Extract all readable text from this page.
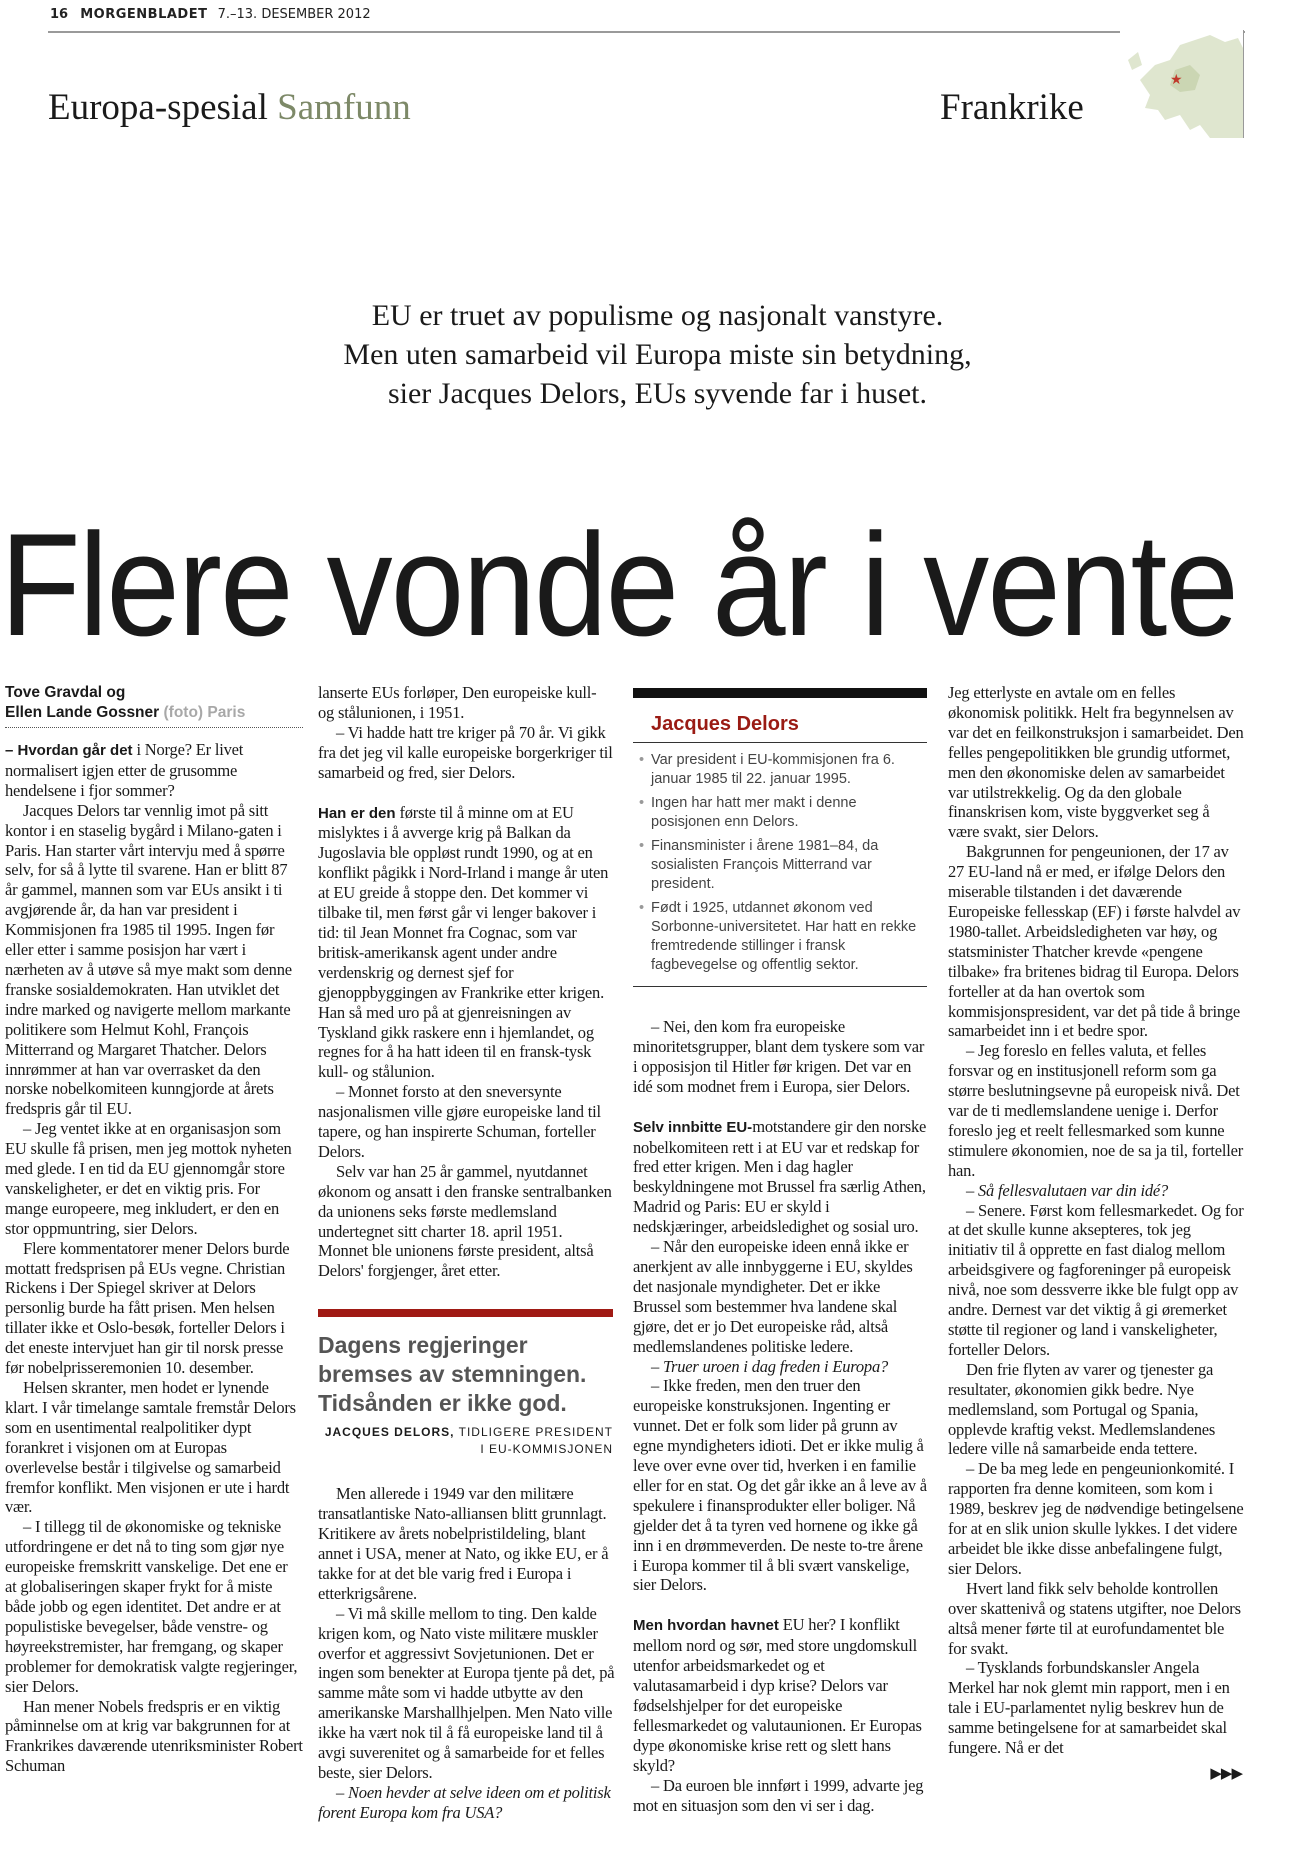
16 MORGENBLADET 7.–13. DESEMBER 2012
Europa-spesial Samfunn	Frankrike
★
EU er truet av populisme og nasjonalt vanstyre.
Men uten samarbeid vil Europa miste sin betydning,
sier Jacques Delors, EUs syvende far i huset.
Flere vonde år i vente
Tove Gravdal og
Ellen Lande Gossner (foto) Paris

– Hvordan går det i Norge? Er livet normalisert igjen etter de grusomme hendelsene i fjor sommer?

Jacques Delors tar vennlig imot på sitt kontor i en staselig bygård i Milano-gaten i Paris. Han starter vårt intervju med å spørre selv, for så å lytte til svarene. Han er blitt 87 år gammel, mannen som var EUs ansikt i ti avgjørende år, da han var president i Kommisjonen fra 1985 til 1995. Ingen før eller etter i samme posisjon har vært i nærheten av å utøve så mye makt som denne franske sosialdemokraten. Han utviklet det indre marked og navigerte mellom markante politikere som Helmut Kohl, François Mitterrand og Margaret Thatcher. Delors innrømmer at han var overrasket da den norske nobelkomiteen kunngjorde at årets fredspris går til EU.

– Jeg ventet ikke at en organisasjon som EU skulle få prisen, men jeg mottok nyheten med glede. I en tid da EU gjennomgår store vanskeligheter, er det en viktig pris. For mange europeere, meg inkludert, er den en stor oppmuntring, sier Delors.

Flere kommentatorer mener Delors burde mottatt fredsprisen på EUs vegne. Christian Rickens i Der Spiegel skriver at Delors personlig burde ha fått prisen. Men helsen tillater ikke et Oslo-besøk, forteller Delors i det eneste intervjuet han gir til norsk presse før nobelprisseremonien 10. desember.

Helsen skranter, men hodet er lynende klart. I vår timelange samtale fremstår Delors som en usentimental realpolitiker dypt forankret i visjonen om at Europas overlevelse består i tilgivelse og samarbeid fremfor konflikt. Men visjonen er ute i hardt vær.

– I tillegg til de økonomiske og tekniske utfordringene er det nå to ting som gjør nye europeiske fremskritt vanskelige. Det ene er at globaliseringen skaper frykt for å miste både jobb og egen identitet. Det andre er at populistiske bevegelser, både venstre- og høyreekstremister, har fremgang, og skaper problemer for demokratisk valgte regjeringer, sier Delors.

Han mener Nobels fredspris er en viktig påminnelse om at krig var bakgrunnen for at Frankrikes daværende utenriksminister Robert Schuman

lanserte EUs forløper, Den europeiske kull- og stålunionen, i 1951.

– Vi hadde hatt tre kriger på 70 år. Vi gikk fra det jeg vil kalle europeiske borgerkriger til samarbeid og fred, sier Delors.

Han er den første til å minne om at EU mislyktes i å avverge krig på Balkan da Jugoslavia ble oppløst rundt 1990, og at en konflikt pågikk i Nord-Irland i mange år uten at EU greide å stoppe den. Det kommer vi tilbake til, men først går vi lenger bakover i tid: til Jean Monnet fra Cognac, som var britisk-amerikansk agent under andre verdenskrig og dernest sjef for gjenoppbyggingen av Frankrike etter krigen. Han så med uro på at gjenreisningen av Tyskland gikk raskere enn i hjemlandet, og regnes for å ha hatt ideen til en fransk-tysk kull- og stålunion.

– Monnet forsto at den sneversynte nasjonalismen ville gjøre europeiske land til tapere, og han inspirerte Schuman, forteller Delors.

Selv var han 25 år gammel, nyutdannet økonom og ansatt i den franske sentralbanken da unionens seks første medlemsland undertegnet sitt charter 18. april 1951. Monnet ble unionens første president, altså Delors' forgjenger, året etter.

Dagens regjeringer bremses av stemningen. Tidsånden er ikke god.
JACQUES DELORS, TIDLIGERE PRESIDENT I EU-KOMMISJONEN

Men allerede i 1949 var den militære transatlantiske Nato-alliansen blitt grunnlagt. Kritikere av årets nobelpristildeling, blant annet i USA, mener at Nato, og ikke EU, er å takke for at det ble varig fred i Europa i etterkrigsårene.

– Vi må skille mellom to ting. Den kalde krigen kom, og Nato viste militære muskler overfor et aggressivt Sovjetunionen. Det er ingen som benekter at Europa tjente på det, på samme måte som vi hadde utbytte av den amerikanske Marshallhjelpen. Men Nato ville ikke ha vært nok til å få europeiske land til å avgi suverenitet og å samarbeide for et felles beste, sier Delors.

– Noen hevder at selve ideen om et politisk forent Europa kom fra USA?

Jacques Delors
• Var president i EU-kommisjonen fra 6. januar 1985 til 22. januar 1995.
• Ingen har hatt mer makt i denne posisjonen enn Delors.
• Finansminister i årene 1981–84, da sosialisten François Mitterrand var president.
• Født i 1925, utdannet økonom ved Sorbonne-universitetet. Har hatt en rekke fremtredende stillinger i fransk fagbevegelse og offentlig sektor.

– Nei, den kom fra europeiske minoritetsgrupper, blant dem tyskere som var i opposisjon til Hitler før krigen. Det var en idé som modnet frem i Europa, sier Delors.

Selv innbitte EU-motstandere gir den norske nobelkomiteen rett i at EU var et redskap for fred etter krigen. Men i dag hagler beskyldningene mot Brussel fra særlig Athen, Madrid og Paris: EU er skyld i nedskjæringer, arbeidsledighet og sosial uro.

– Når den europeiske ideen ennå ikke er anerkjent av alle innbyggerne i EU, skyldes det nasjonale myndigheter. Det er ikke Brussel som bestemmer hva landene skal gjøre, det er jo Det europeiske råd, altså medlemslandenes politiske ledere.

– Truer uroen i dag freden i Europa?

– Ikke freden, men den truer den europeiske konstruksjonen. Ingenting er vunnet. Det er folk som lider på grunn av egne myndigheters idioti. Det er ikke mulig å leve over evne over tid, hverken i en familie eller for en stat. Og det går ikke an å leve av å spekulere i finansprodukter eller boliger. Nå gjelder det å ta tyren ved hornene og ikke gå inn i en drømmeverden. De neste to-tre årene i Europa kommer til å bli svært vanskelige, sier Delors.

Men hvordan havnet EU her? I konflikt mellom nord og sør, med store ungdomskull utenfor arbeidsmarkedet og et valutasamarbeid i dyp krise? Delors var fødselshjelper for det europeiske fellesmarkedet og valutaunionen. Er Europas dype økonomiske krise rett og slett hans skyld?

– Da euroen ble innført i 1999, advarte jeg mot en situasjon som den vi ser i dag.

Jeg etterlyste en avtale om en felles økonomisk politikk. Helt fra begynnelsen av var det en feilkonstruksjon i samarbeidet. Den felles pengepolitikken ble grundig utformet, men den økonomiske delen av samarbeidet var utilstrekkelig. Og da den globale finanskrisen kom, viste byggverket seg å være svakt, sier Delors.

Bakgrunnen for pengeunionen, der 17 av 27 EU-land nå er med, er ifølge Delors den miserable tilstanden i det daværende Europeiske fellesskap (EF) i første halvdel av 1980-tallet. Arbeidsledigheten var høy, og statsminister Thatcher krevde «pengene tilbake» fra britenes bidrag til Europa. Delors forteller at da han overtok som kommisjonspresident, var det på tide å bringe samarbeidet inn i et bedre spor.

– Jeg foreslo en felles valuta, et felles forsvar og en institusjonell reform som ga større beslutningsevne på europeisk nivå. Det var de ti medlemslandene uenige i. Derfor foreslo jeg et reelt fellesmarked som kunne stimulere økonomien, noe de sa ja til, forteller han.

– Så fellesvalutaen var din idé?

– Senere. Først kom fellesmarkedet. Og for at det skulle kunne aksepteres, tok jeg initiativ til å opprette en fast dialog mellom arbeidsgivere og fagforeninger på europeisk nivå, noe som dessverre ikke ble fulgt opp av andre. Dernest var det viktig å gi øremerket støtte til regioner og land i vanskeligheter, forteller Delors.

Den frie flyten av varer og tjenester ga resultater, økonomien gikk bedre. Nye medlemsland, som Portugal og Spania, opplevde kraftig vekst. Medlemslandenes ledere ville nå samarbeide enda tettere.

– De ba meg lede en pengeunionkomité. I rapporten fra denne komiteen, som kom i 1989, beskrev jeg de nødvendige betingelsene for at en slik union skulle lykkes. I det videre arbeidet ble ikke disse anbefalingene fulgt, sier Delors.

Hvert land fikk selv beholde kontrollen over skattenivå og statens utgifter, noe Delors altså mener førte til at eurofundamentet ble for svakt.

– Tysklands forbundskansler Angela Merkel har nok glemt min rapport, men i en tale i EU-parlamentet nylig beskrev hun de samme betingelsene for at samarbeidet skal fungere. Nå er det

▶▶▶
